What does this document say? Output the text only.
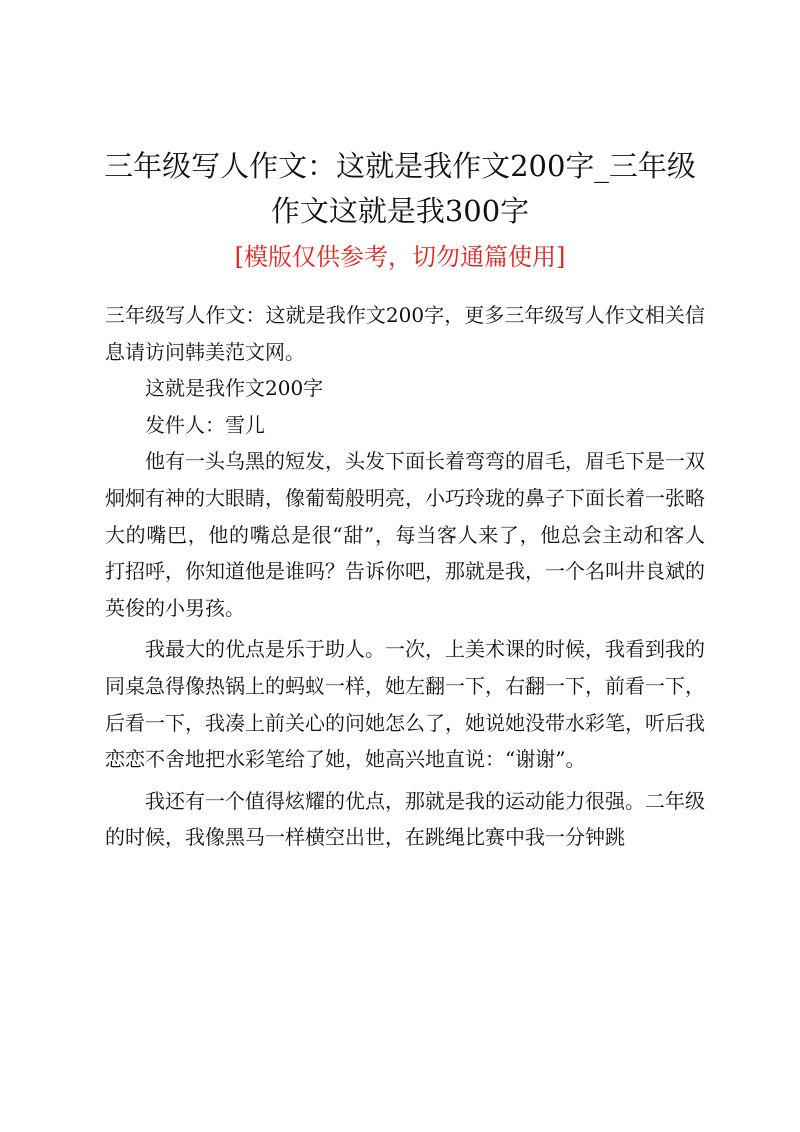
三年级写人作文：这就是我作文200字_三年级
作文这就是我300字
[模版仅供参考，切勿通篇使用]

三年级写人作文：这就是我作文200字，更多三年级写人作文相关信息请访问韩美范文网。

这就是我作文200字

发件人：雪儿

他有一头乌黑的短发，头发下面长着弯弯的眉毛，眉毛下是一双炯炯有神的大眼睛，像葡萄般明亮，小巧玲珑的鼻子下面长着一张略大的嘴巴，他的嘴总是很“甜”，每当客人来了，他总会主动和客人打招呼，你知道他是谁吗？告诉你吧，那就是我，一个名叫井良斌的英俊的小男孩。

我最大的优点是乐于助人。一次，上美术课的时候，我看到我的同桌急得像热锅上的蚂蚁一样，她左翻一下，右翻一下，前看一下，后看一下，我凑上前关心的问她怎么了，她说她没带水彩笔，听后我恋恋不舍地把水彩笔给了她，她高兴地直说：“谢谢”。

我还有一个值得炫耀的优点，那就是我的运动能力很强。二年级的时候，我像黑马一样横空出世，在跳绳比赛中我一分钟跳
